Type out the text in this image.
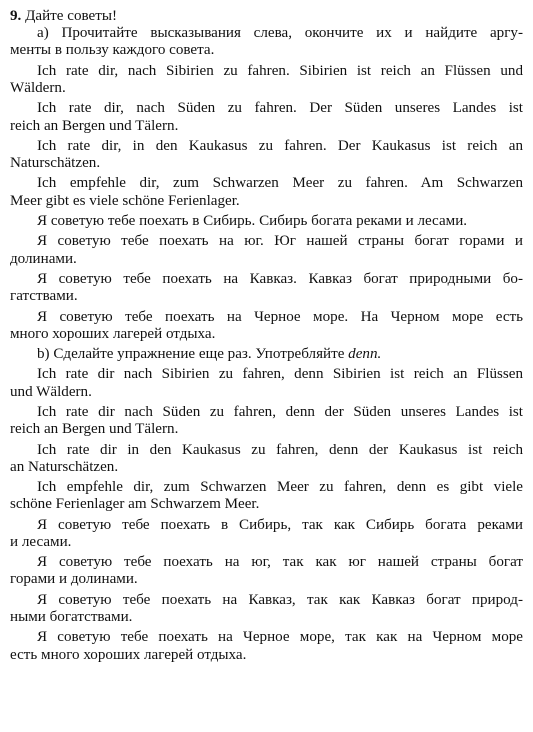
9. Дайте советы!
а) Прочитайте высказывания слева, окончите их и найдите аргу-
менты в пользу каждого совета.
Ich rate dir, nach Sibirien zu fahren. Sibirien ist reich an Flüssen und
Wäldern.
Ich rate dir, nach Süden zu fahren. Der Süden unseres Landes ist
reich an Bergen und Tälern.
Ich rate dir, in den Kaukasus zu fahren. Der Kaukasus ist reich an
Naturschätzen.
Ich empfehle dir, zum Schwarzen Meer zu fahren. Am Schwarzen
Meer gibt es viele schöne Ferienlager.
Я советую тебе поехать в Сибирь. Сибирь богата реками и лесами.
Я советую тебе поехать на юг. Юг нашей страны богат горами и
долинами.
Я советую тебе поехать на Кавказ. Кавказ богат природными бо-
гатствами.
Я советую тебе поехать на Черное море. На Черном море есть
много хороших лагерей отдыха.
b) Сделайте упражнение еще раз. Употребляйте denn.
Ich rate dir nach Sibirien zu fahren, denn Sibirien ist reich an Flüssen
und Wäldern.
Ich rate dir nach Süden zu fahren, denn der Süden unseres Landes ist
reich an Bergen und Tälern.
Ich rate dir in den Kaukasus zu fahren, denn der Kaukasus ist reich
an Naturschätzen.
Ich empfehle dir, zum Schwarzen Meer zu fahren, denn es gibt viele
schöne Ferienlager am Schwarzem Meer.
Я советую тебе поехать в Сибирь, так как Сибирь богата реками
и лесами.
Я советую тебе поехать на юг, так как юг нашей страны богат
горами и долинами.
Я советую тебе поехать на Кавказ, так как Кавказ богат природ-
ными богатствами.
Я советую тебе поехать на Черное море, так как на Черном море
есть много хороших лагерей отдыха.
